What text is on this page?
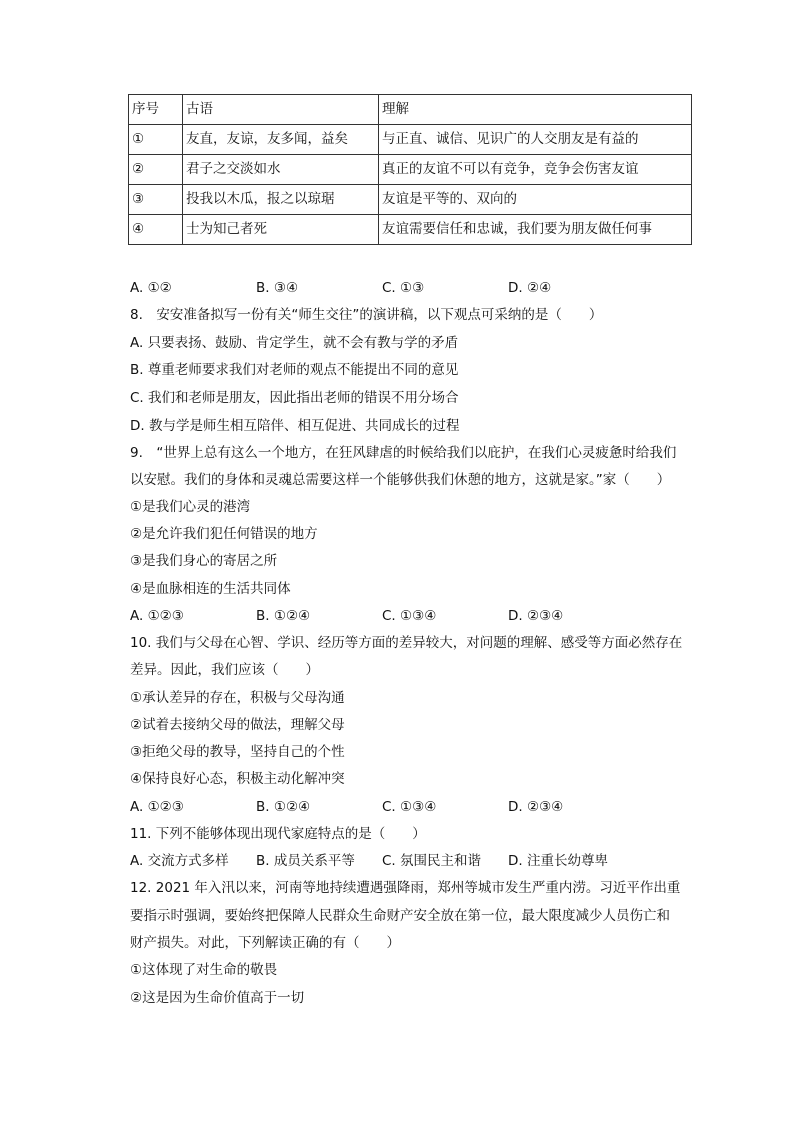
序号	古语	理解
①	友直，友谅，友多闻，益矣	与正直、诚信、见识广的人交朋友是有益的
②	君子之交淡如水	真正的友谊不可以有竞争，竞争会伤害友谊
③	投我以木瓜，报之以琼琚	友谊是平等的、双向的
④	士为知己者死	友谊需要信任和忠诚，我们要为朋友做任何事
A. ①②	B. ③④	C. ①③	D. ②④
8.　安安准备拟写一份有关“师生交往”的演讲稿，以下观点可采纳的是（　　）
A. 只要表扬、鼓励、肯定学生，就不会有教与学的矛盾
B. 尊重老师要求我们对老师的观点不能提出不同的意见
C. 我们和老师是朋友，因此指出老师的错误不用分场合
D. 教与学是师生相互陪伴、相互促进、共同成长的过程
9.　“世界上总有这么一个地方，在狂风肆虐的时候给我们以庇护，在我们心灵疲惫时给我们
以安慰。我们的身体和灵魂总需要这样一个能够供我们休憩的地方，这就是家。”家（　　）
①是我们心灵的港湾
②是允许我们犯任何错误的地方
③是我们身心的寄居之所
④是血脉相连的生活共同体
A. ①②③	B. ①②④	C. ①③④	D. ②③④
10. 我们与父母在心智、学识、经历等方面的差异较大，对问题的理解、感受等方面必然存在
差异。因此，我们应该（　　）
①承认差异的存在，积极与父母沟通
②试着去接纳父母的做法，理解父母
③拒绝父母的教导，坚持自己的个性
④保持良好心态，积极主动化解冲突
A. ①②③	B. ①②④	C. ①③④	D. ②③④
11. 下列不能够体现出现代家庭特点的是（　　）
A. 交流方式多样 B. 成员关系平等 C. 氛围民主和谐 D. 注重长幼尊卑
12. 2021 年入汛以来，河南等地持续遭遇强降雨，郑州等城市发生严重内涝。习近平作出重
要指示时强调，要始终把保障人民群众生命财产安全放在第一位，最大限度减少人员伤亡和
财产损失。对此，下列解读正确的有（　　）
①这体现了对生命的敬畏
②这是因为生命价值高于一切
